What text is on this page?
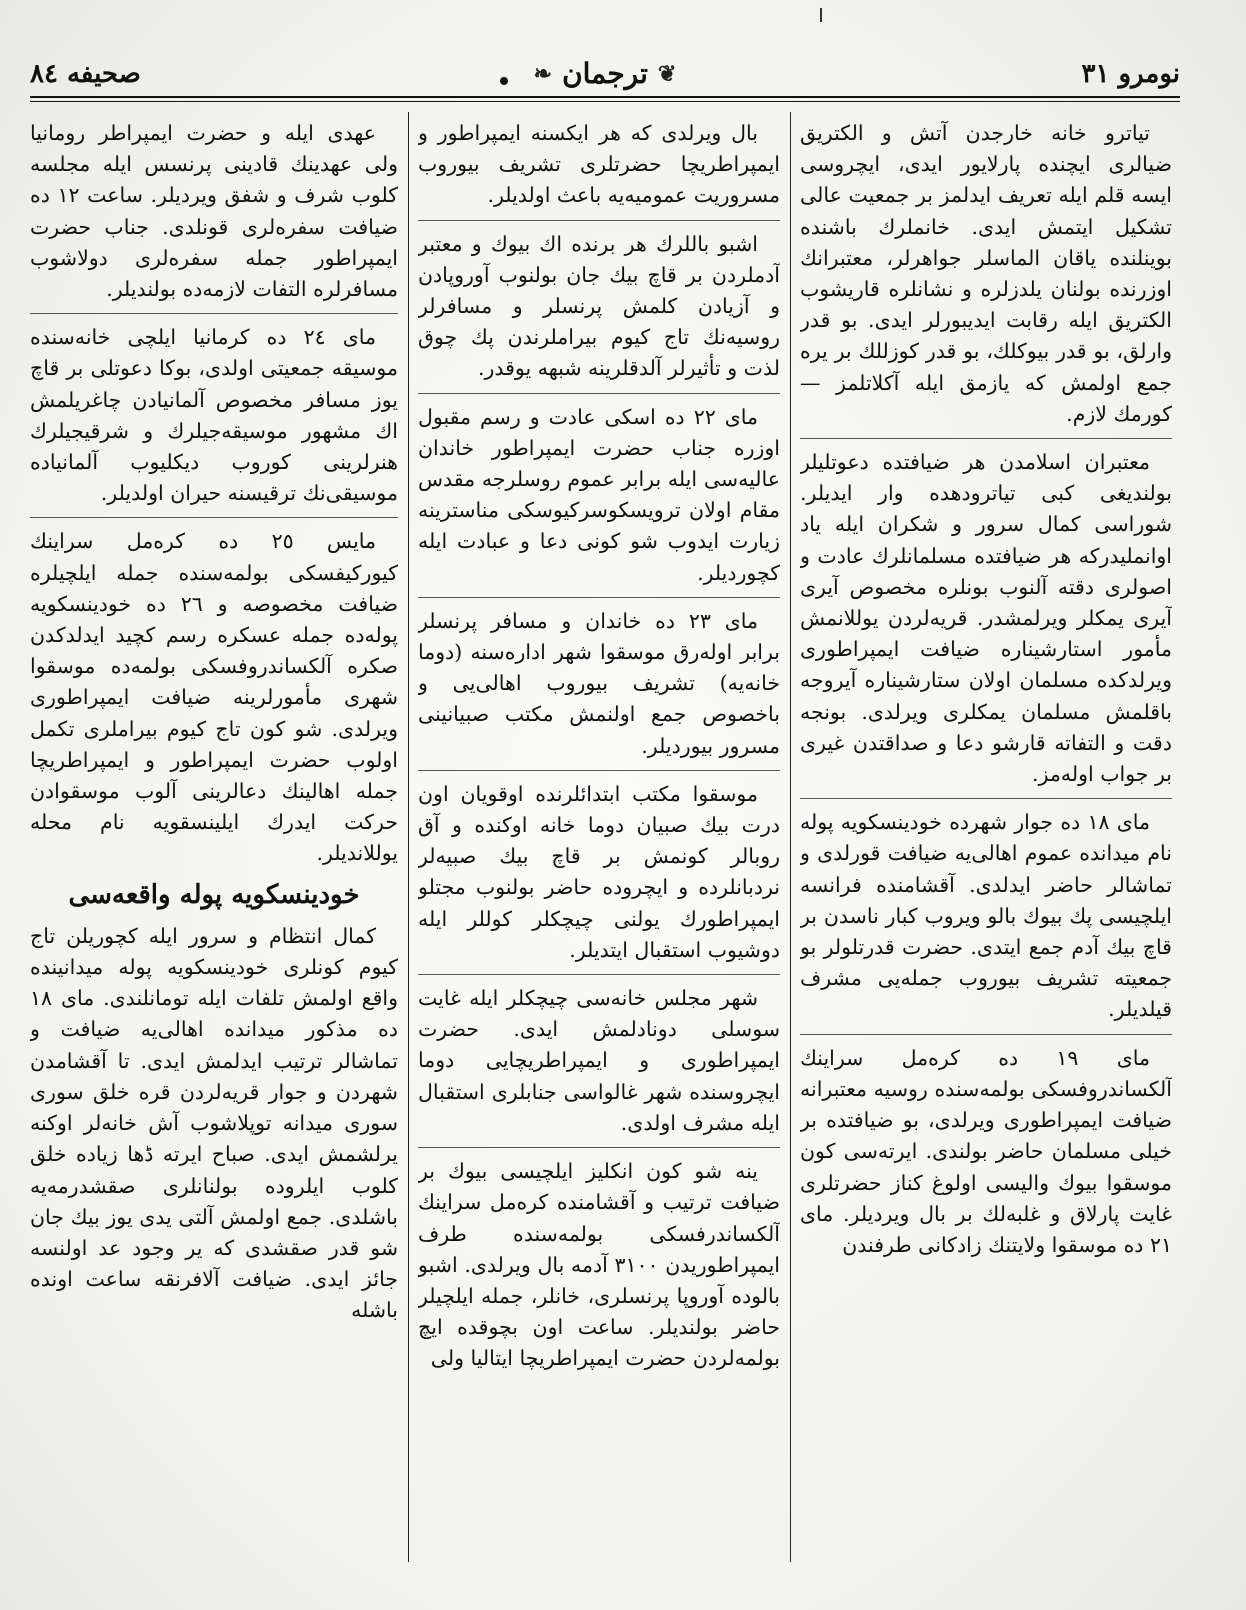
نومرو ٣١
❦
ترجمان
❧
صحیفه ٨٤

تیاترو خانه خارجدن آتش و الکتریق ضیالری ایچنده پارلایور ایدی، ایچروسی ایسه قلم ایله تعریف ایدلمز بر جمعیت عالی تشکیل ایتمش ایدی. خانملرك باشنده بوینلنده یاقان الماسلر جواهرلر، معتبرانك اوزرنده بولنان یلدزلره و نشانلره قاریشوب الکتریق ایله رقابت ایدیبورلر ایدی. بو قدر وارلق، بو قدر بیوکلك، بو قدر كوزللك بر یره جمع اولمش كه یازمق ایله آكلاتلمز — كورمك لازم.

معتبران اسلامدن هر ضیافتده دعوتلیلر بولندیغی كبی تیاترودهده وار ایدیلر. شوراسی كمال سرور و شكران ایله یاد اوانملیدركه هر ضیافتده مسلمانلرك عادت و اصولری دقته آلنوب بونلره مخصوص آیری آیری یمكلر ویرلمشدر. قریه‌لردن یوللانمش مأمور استارشیناره ضیافت ایمپراطوری ویرلدكده مسلمان اولان ستارشیناره آیروجه باقلمش مسلمان یمكلری ویرلدی. بونجه دقت و التفاته قارشو دعا و صداقتدن غیری بر جواب اوله‌مز.

مای ١٨ ده جوار شهرده خودینسكویه پوله نام میدانده عموم اهالی‌یه ضیافت قورلدی و تماشالر حاضر ایدلدی. آقشامنده فرانسه ایلچیسی پك بیوك بالو ویروب كبار ناسدن بر قاچ بیك آدم جمع ایتدی. حضرت قدرتلولر بو جمعیته تشریف بیوروب جمله‌یی مشرف قیلدیلر.

مای ١٩ ده كره‌مل سراینك آلكساندروفسكی بولمه‌سنده روسیه معتبرانه ضیافت ایمپراطوری ویرلدی، بو ضیافتده بر خیلی مسلمان حاضر بولندی. ایرته‌سی كون موسقوا بیوك والیسی اولوغ كناز حضرتلری غایت پارلاق و غلبه‌لك بر بال ویردیلر. مای ٢١ ده موسقوا ولایتنك زادكانی طرفندن

بال ویرلدی كه هر ایكسنه ایمپراطور و ایمپراطریچا حضرتلری تشریف بیوروب مسروریت عمومیه‌یه باعث اولدیلر.

اشبو باللرك هر برنده اك بیوك و معتبر آدملردن بر قاچ بیك جان بولنوب آوروپادن و آزیادن كلمش پرنسلر و مسافرلر روسیه‌نك تاج كیوم بیراملرندن پك چوق لذت و تأثیرلر آلدقلرینه شبهه یوقدر.

مای ٢٢ ده اسكی عادت و رسم مقبول اوزره جناب حضرت ایمپراطور خاندان عالیه‌سی ایله برابر عموم روسلرجه مقدس مقام اولان ترویسكوسركیوسكی مناسترینه زیارت ایدوب شو كونی دعا و عبادت ایله كچوردیلر.

مای ٢٣ ده خاندان و مسافر پرنسلر برابر اوله‌رق موسقوا شهر اداره‌سنه (دوما خانه‌یه) تشریف بیوروب اهالی‌یی و باخصوص جمع اولنمش مكتب صبیانینی مسرور بیوردیلر.

موسقوا مكتب ابتدائلرنده اوقویان اون درت بیك صبیان دوما خانه اوكنده و آق روبالر كونمش بر قاچ بیك صبیه‌لر نردبانلرده و ایچروده حاضر بولنوب مجتلو ایمپراطورك یولنی چیچكلر كوللر ایله دوشیوب استقبال ایتدیلر.

شهر مجلس خانه‌سی چیچكلر ایله غایت سوسلی دونادلمش ایدی. حضرت ایمپراطوری و ایمپراطریچایی دوما ایچروسنده شهر غالواسی جنابلری استقبال ایله مشرف اولدی.

ینه شو كون انكلیز ایلچیسی بیوك بر ضیافت ترتیب و آقشامنده كره‌مل سراینك آلكساندرفسكی بولمه‌سنده طرف ایمپراطوریدن ٣١٠٠ آدمه بال ویرلدی. اشبو بالوده آوروپا پرنسلری، خانلر، جمله ایلچیلر حاضر بولندیلر. ساعت اون بچوقده ایچ بولمه‌لردن حضرت ایمپراطریچا ایتالیا ولی

عهدی ایله و حضرت ایمپراطر رومانیا ولی عهدینك قادینی پرنسس ایله مجلسه كلوب شرف و شفق ویردیلر. ساعت ١٢ ده ضیافت سفره‌لری قونلدی. جناب حضرت ایمپراطور جمله سفره‌لری دولاشوب مسافرلره التفات لازمه‌ده بولندیلر.

مای ٢٤ ده كرمانیا ایلچی خانه‌سنده موسیقه جمعیتی اولدی، بوكا دعوتلی بر قاچ یوز مسافر مخصوص آلمانیادن چاغریلمش اك مشهور موسیقه‌جیلرك و شرقیجیلرك هنرلرینی كوروب دیكلیوب آلمانیاده موسیقی‌نك ترقیسنه حیران اولدیلر.

مایس ٢٥ ده كره‌مل سراینك كیوركیفسكی بولمه‌سنده جمله ایلچیلره ضیافت مخصوصه و ٢٦ ده خودینسكویه پوله‌ده جمله عسكره رسم كچید ایدلدكدن صكره آلكساندروفسكی بولمه‌ده موسقوا شهری مأمورلرینه ضیافت ایمپراطوری ویرلدی. شو كون تاج كیوم بیراملری تكمل اولوب حضرت ایمپراطور و ایمپراطریچا جمله اهالینك دعالرینی آلوب موسقوادن حركت ایدرك ایلینسقویه نام محله یوللاندیلر.

خودینسكویه پوله واقعه‌سی

كمال انتظام و سرور ایله كچوریلن تاج كیوم كونلری خودینسكویه پوله میدانینده واقع اولمش تلفات ایله تومانلندی. مای ١٨ ده مذكور میدانده اهالی‌یه ضیافت و تماشالر ترتیب ایدلمش ایدی. تا آقشامدن شهردن و جوار قریه‌لردن قره خلق سوری سوری میدانه توپلاشوب آش خانه‌لر اوكنه یرلشمش ایدی. صباح ایرته ڈها زیاده خلق كلوب ایلروده بولنانلری صقشدرمه‌یه باشلدی. جمع اولمش آلتی یدی یوز بیك جان شو قدر صقشدی كه یر وجود عد اولنسه جائز ایدی. ضیافت آلافرنقه ساعت اونده باشله
